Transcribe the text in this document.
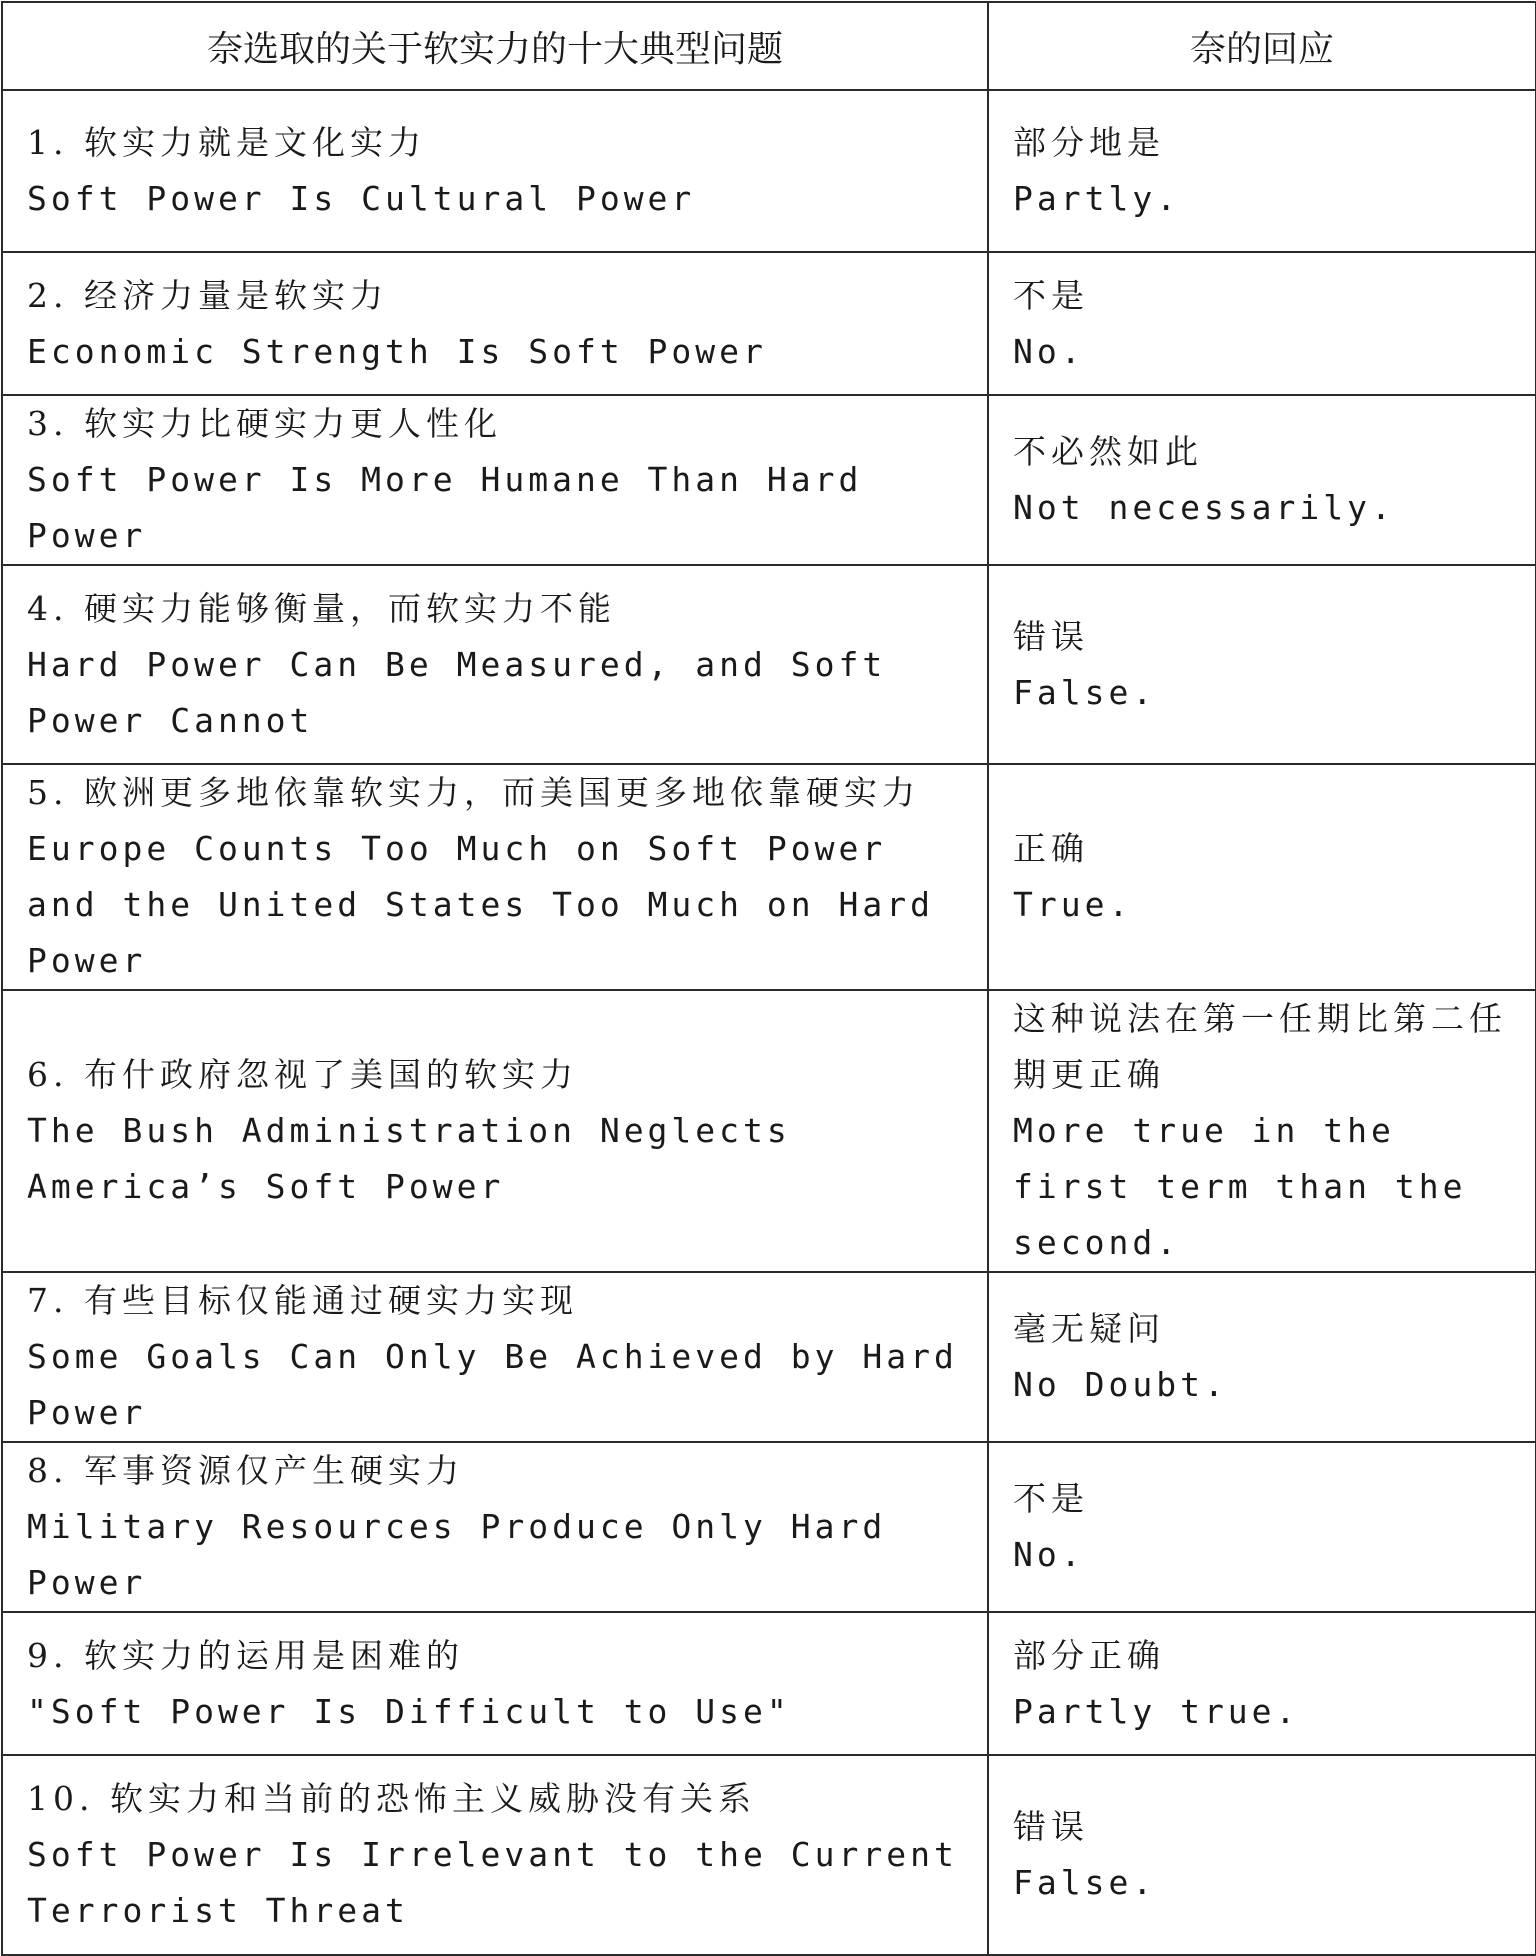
奈选取的关于软实力的十大典型问题	奈的回应

1. 软实力就是文化实力
Soft Power Is Cultural Power	部分地是
Partly.

2. 经济力量是软实力
Economic Strength Is Soft Power	不是
No.

3. 软实力比硬实力更人性化
Soft Power Is More Humane Than Hard Power	不必然如此
Not necessarily.

4. 硬实力能够衡量，而软实力不能
Hard Power Can Be Measured, and Soft Power Cannot	错误
False.

5. 欧洲更多地依靠软实力，而美国更多地依靠硬实力
Europe Counts Too Much on Soft Power and the United States Too Much on Hard Power	正确
True.

6. 布什政府忽视了美国的软实力
The Bush Administration Neglects America’s Soft Power	这种说法在第一任期比第二任期更正确
More true in the first term than the second.

7. 有些目标仅能通过硬实力实现
Some Goals Can Only Be Achieved by Hard Power	毫无疑问
No Doubt.

8. 军事资源仅产生硬实力
Military Resources Produce Only Hard Power	不是
No.

9. 软实力的运用是困难的
"Soft Power Is Difficult to Use"	部分正确
Partly true.

10. 软实力和当前的恐怖主义威胁没有关系
Soft Power Is Irrelevant to the Current Terrorist Threat	错误
False.
